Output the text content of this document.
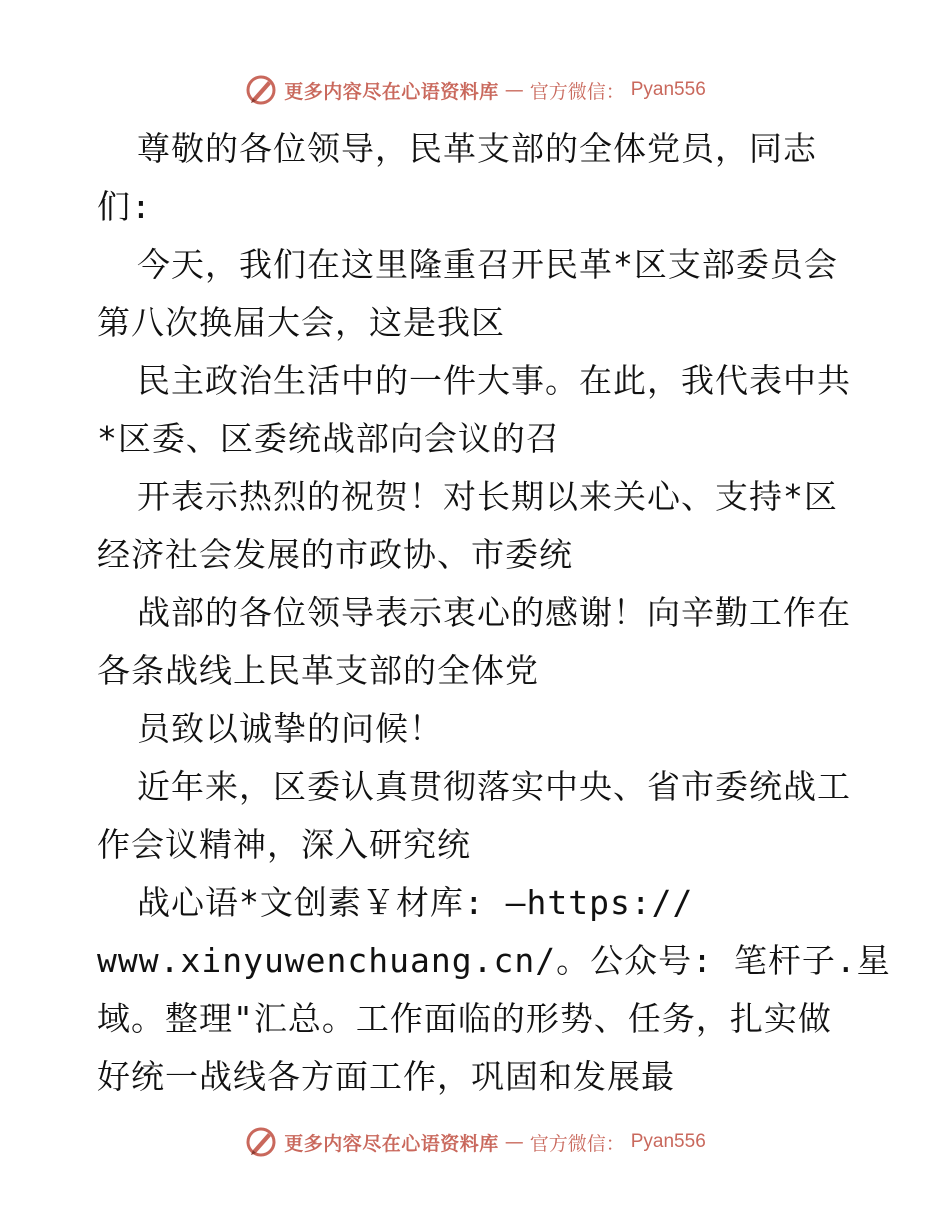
更多内容尽在心语资料库 — 官方微信： Pyan556
尊敬的各位领导，民革支部的全体党员，同志
们:
今天，我们在这里隆重召开民革*区支部委员会
第八次换届大会，这是我区
民主政治生活中的一件大事。在此，我代表中共
*区委、区委统战部向会议的召
开表示热烈的祝贺！对长期以来关心、支持*区
经济社会发展的市政协、市委统
战部的各位领导表示衷心的感谢！向辛勤工作在
各条战线上民革支部的全体党
员致以诚挚的问候！
近年来，区委认真贯彻落实中央、省市委统战工
作会议精神，深入研究统
战心语*文创素￥材库: —https://
www.xinyuwenchuang.cn/。公众号: 笔杆子.星
域。整理"汇总。工作面临的形势、任务，扎实做
好统一战线各方面工作，巩固和发展最
更多内容尽在心语资料库 — 官方微信： Pyan556
